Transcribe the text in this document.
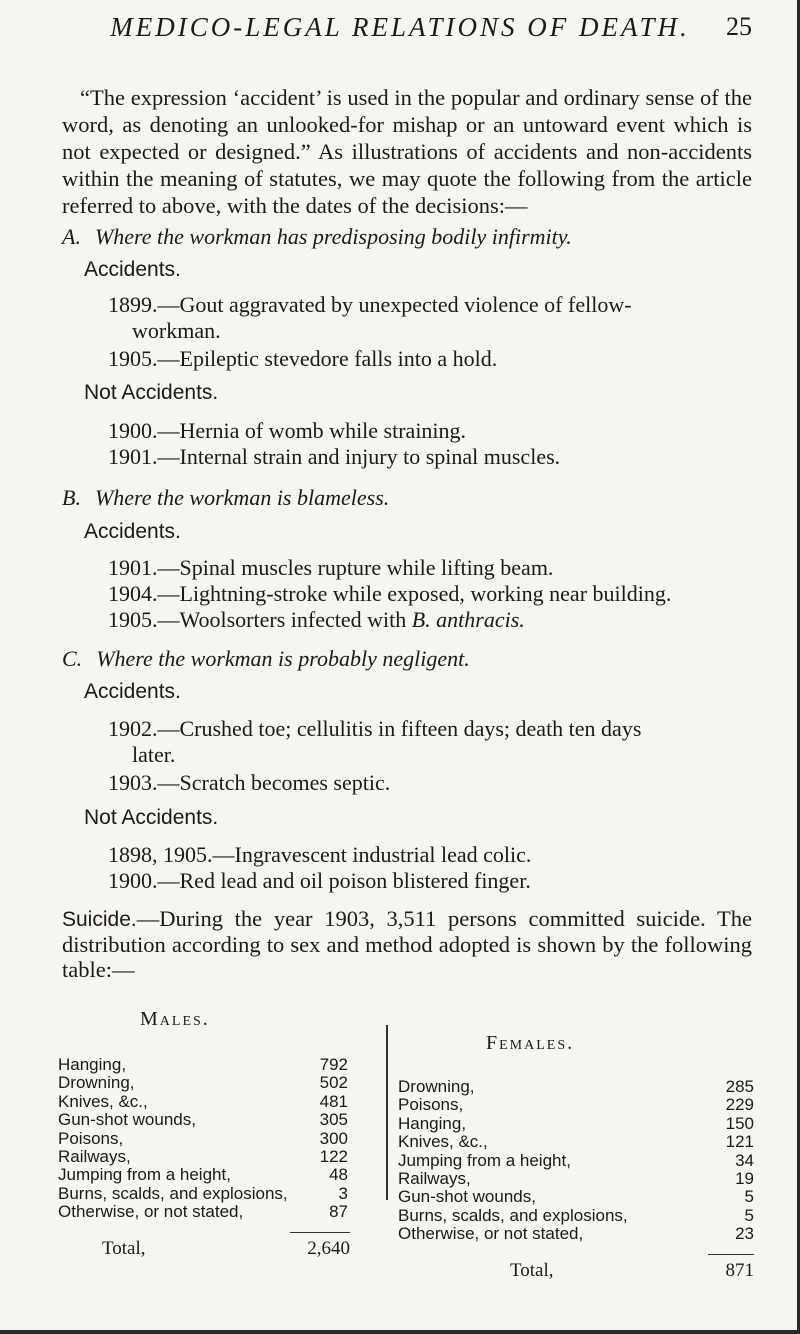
MEDICO-LEGAL RELATIONS OF DEATH.	25
“The expression ‘accident’ is used in the popular and ordinary sense of the word, as denoting an unlooked-for mishap or an untoward event which is not expected or designed.” As illustrations of accidents and non-accidents within the meaning of statutes, we may quote the following from the article referred to above, with the dates of the decisions:—
A. Where the workman has predisposing bodily infirmity.
Accidents.
1899.—Gout aggravated by unexpected violence of fellow-
workman.
1905.—Epileptic stevedore falls into a hold.
Not Accidents.
1900.—Hernia of womb while straining.
1901.—Internal strain and injury to spinal muscles.
B. Where the workman is blameless.
Accidents.
1901.—Spinal muscles rupture while lifting beam.
1904.—Lightning-stroke while exposed, working near building.
1905.—Woolsorters infected with B. anthracis.
C. Where the workman is probably negligent.
Accidents.
1902.—Crushed toe; cellulitis in fifteen days; death ten days
later.
1903.—Scratch becomes septic.
Not Accidents.
1898, 1905.—Ingravescent industrial lead colic.
1900.—Red lead and oil poison blistered finger.
Suicide.—During the year 1903, 3,511 persons committed suicide. The distribution according to sex and method adopted is shown by the following table:—
Males.
Females.
Hanging,	792
Drowning,	502
Knives, &c.,	481
Gun-shot wounds,	305
Poisons,	300
Railways,	122
Jumping from a height,	48
Burns, scalds, and explosions,	3
Otherwise, or not stated,	87
Total,	2,640
Drowning,	285
Poisons,	229
Hanging,	150
Knives, &c.,	121
Jumping from a height,	34
Railways,	19
Gun-shot wounds,	5
Burns, scalds, and explosions,	5
Otherwise, or not stated,	23
Total,	871
